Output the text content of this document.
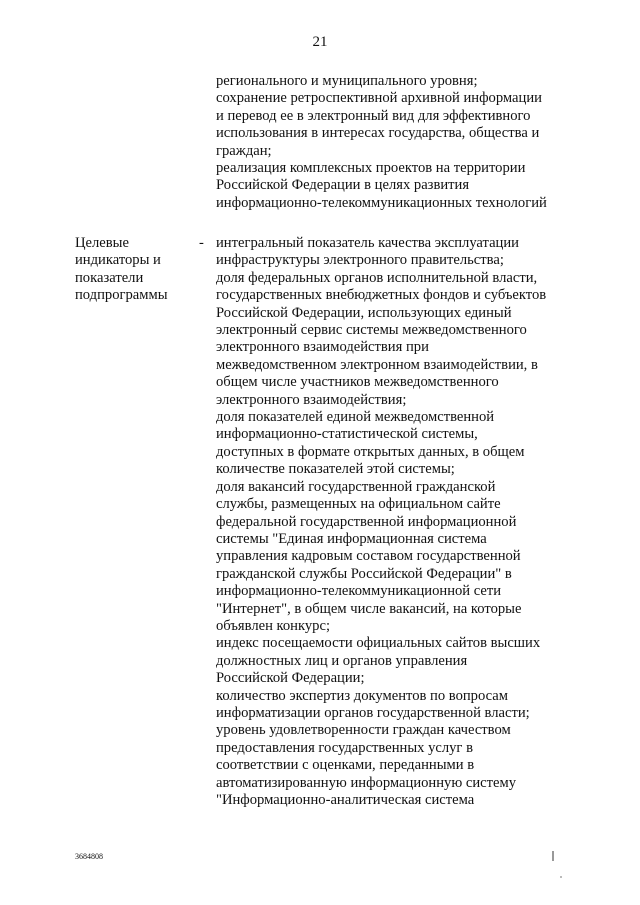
21
регионального и муниципального уровня;
сохранение ретроспективной архивной информации
и перевод ее в электронный вид для эффективного
использования в интересах государства, общества и
граждан;
реализация комплексных проектов на территории
Российской Федерации в целях развития
информационно-телекоммуникационных технологий
Целевые
индикаторы и
показатели
подпрограммы
- интегральный показатель качества эксплуатации
инфраструктуры электронного правительства;
доля федеральных органов исполнительной власти,
государственных внебюджетных фондов и субъектов
Российской Федерации, использующих единый
электронный сервис системы межведомственного
электронного взаимодействия при
межведомственном электронном взаимодействии, в
общем числе участников межведомственного
электронного взаимодействия;
доля показателей единой межведомственной
информационно-статистической системы,
доступных в формате открытых данных, в общем
количестве показателей этой системы;
доля вакансий государственной гражданской
службы, размещенных на официальном сайте
федеральной государственной информационной
системы "Единая информационная система
управления кадровым составом государственной
гражданской службы Российской Федерации" в
информационно-телекоммуникационной сети
"Интернет", в общем числе вакансий, на которые
объявлен конкурс;
индекс посещаемости официальных сайтов высших
должностных лиц и органов управления
Российской Федерации;
количество экспертиз документов по вопросам
информатизации органов государственной власти;
уровень удовлетворенности граждан качеством
предоставления государственных услуг в
соответствии с оценками, переданными в
автоматизированную информационную систему
"Информационно-аналитическая система
3684808
